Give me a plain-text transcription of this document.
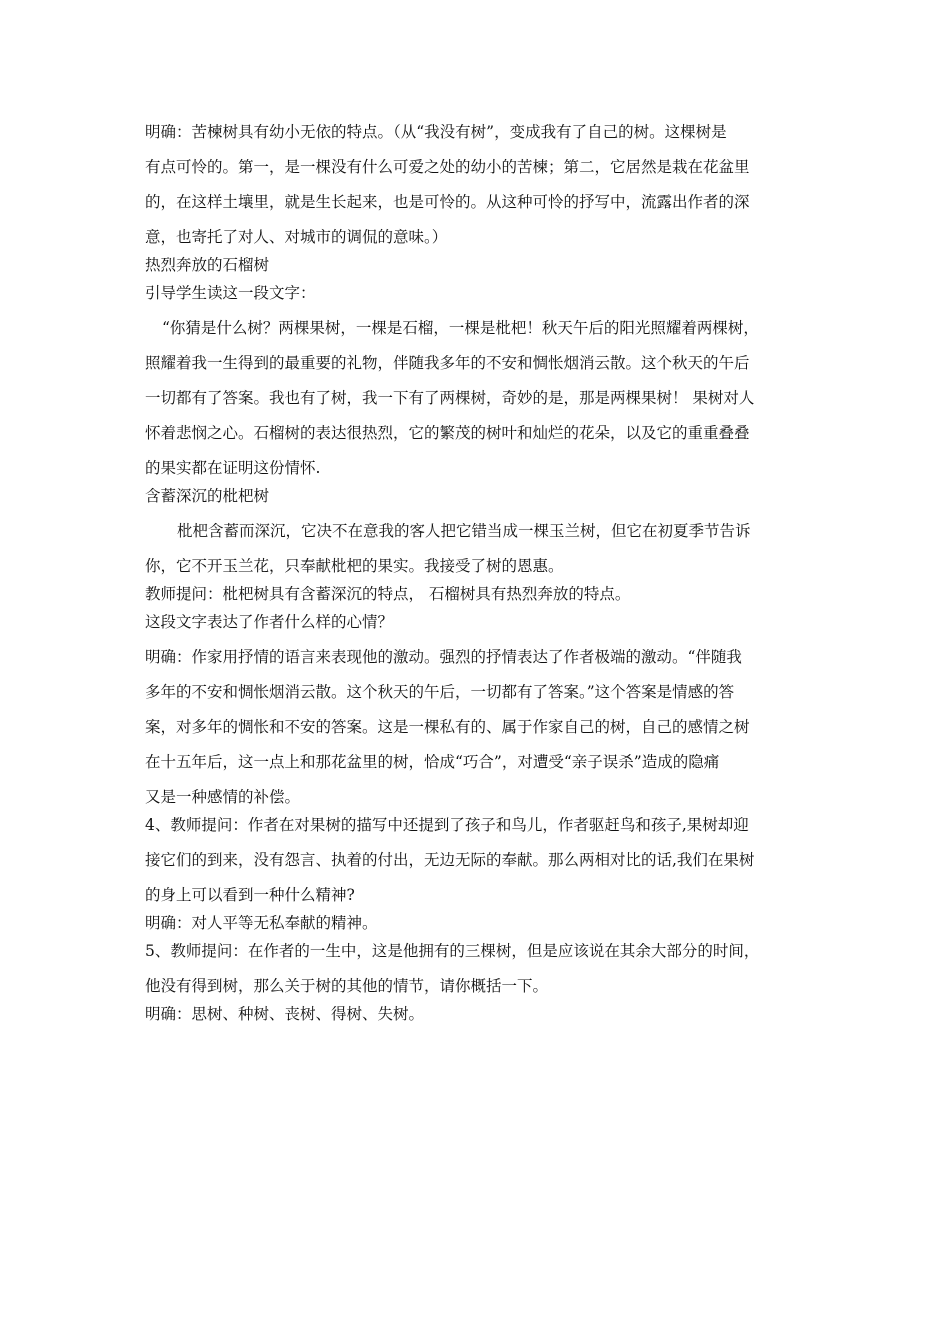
明确：苦楝树具有幼小无依的特点。（从“我没有树”，变成我有了自己的树。这棵树是
有点可怜的。第一，是一棵没有什么可爱之处的幼小的苦楝；第二，它居然是栽在花盆里
的，在这样土壤里，就是生长起来，也是可怜的。从这种可怜的抒写中，流露出作者的深
意，也寄托了对人、对城市的调侃的意味。）
热烈奔放的石榴树
引导学生读这一段文字：
“你猜是什么树？两棵果树，一棵是石榴，一棵是枇杷！秋天午后的阳光照耀着两棵树，
照耀着我一生得到的最重要的礼物，伴随我多年的不安和惆怅烟消云散。这个秋天的午后
一切都有了答案。我也有了树，我一下有了两棵树，奇妙的是，那是两棵果树！ 果树对人
怀着悲悯之心。石榴树的表达很热烈，它的繁茂的树叶和灿烂的花朵，以及它的重重叠叠
的果实都在证明这份情怀.
含蓄深沉的枇杷树
枇杷含蓄而深沉，它决不在意我的客人把它错当成一棵玉兰树，但它在初夏季节告诉
你，它不开玉兰花，只奉献枇杷的果实。我接受了树的恩惠。
教师提问：枇杷树具有含蓄深沉的特点， 石榴树具有热烈奔放的特点。
这段文字表达了作者什么样的心情？
明确：作家用抒情的语言来表现他的激动。强烈的抒情表达了作者极端的激动。“伴随我
多年的不安和惆怅烟消云散。这个秋天的午后，一切都有了答案。”这个答案是情感的答
案，对多年的惆怅和不安的答案。这是一棵私有的、属于作家自己的树，自己的感情之树
在十五年后，这一点上和那花盆里的树，恰成“巧合”，对遭受“亲子误杀”造成的隐痛
又是一种感情的补偿。
4、教师提问：作者在对果树的描写中还提到了孩子和鸟儿，作者驱赶鸟和孩子,果树却迎
接它们的到来，没有怨言、执着的付出，无边无际的奉献。那么两相对比的话,我们在果树
的身上可以看到一种什么精神?
明确：对人平等无私奉献的精神。
5、教师提问：在作者的一生中，这是他拥有的三棵树，但是应该说在其余大部分的时间，
他没有得到树，那么关于树的其他的情节，请你概括一下。
明确：思树、种树、丧树、得树、失树。
